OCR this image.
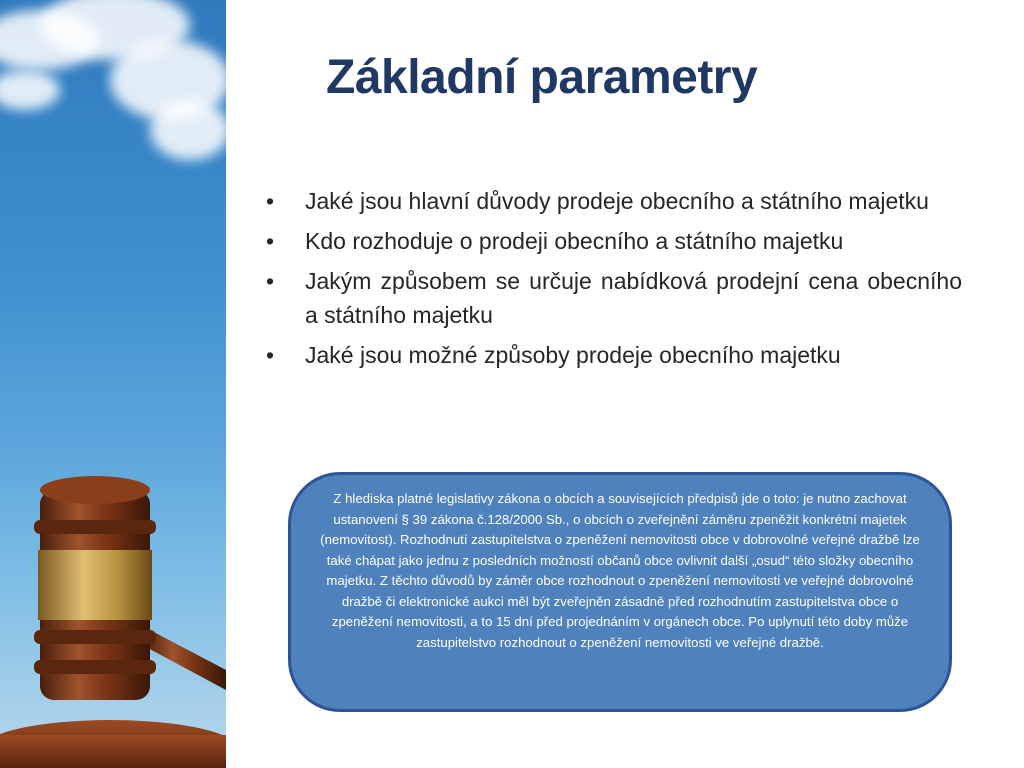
Základní parametry
• Jaké jsou hlavní důvody prodeje obecního a státního majetku
• Kdo rozhoduje o prodeji obecního a státního majetku
• Jakým způsobem se určuje nabídková prodejní cena obecního a státního majetku
• Jaké jsou možné způsoby prodeje obecního majetku
Z hlediska platné legislativy zákona o obcích a souvisejících předpisů jde o toto: je nutno zachovat ustanovení § 39 zákona č.128/2000 Sb., o obcích o zveřejnění záměru zpeněžit konkrétní majetek (nemovitost). Rozhodnutí zastupitelstva o zpeněžení nemovitosti obce v dobrovolné veřejné dražbě lze také chápat jako jednu z posledních možností občanů obce ovlivnit další „osud“ této složky obecního majetku. Z těchto důvodů by záměr obce rozhodnout o zpeněžení nemovitosti ve veřejné dobrovolné dražbě či elektronické aukci měl být zveřejněn zásadně před rozhodnutím zastupitelstva obce o zpeněžení nemovitosti, a to 15 dní před projednáním v orgánech obce. Po uplynutí této doby může zastupitelstvo rozhodnout o zpeněžení nemovitosti ve veřejné dražbě.
